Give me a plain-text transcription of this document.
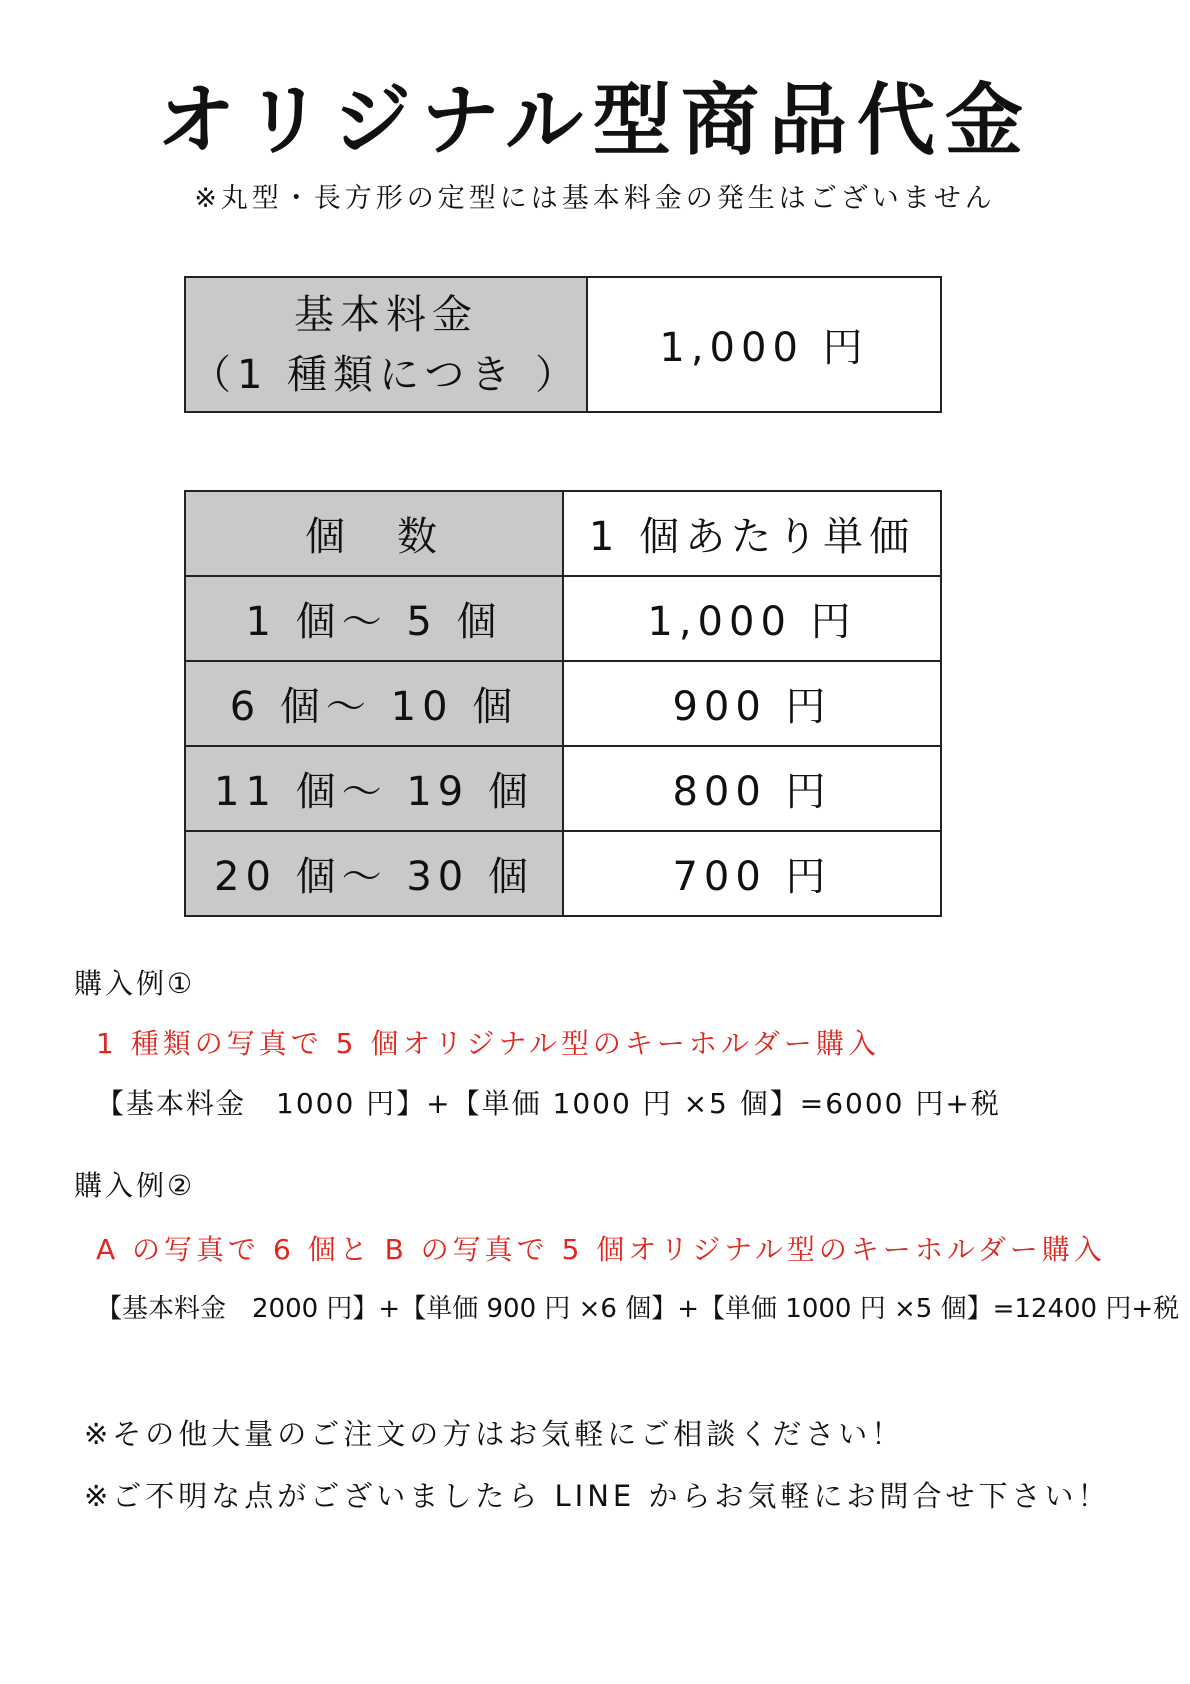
オリジナル型商品代金
※丸型・長方形の定型には基本料金の発生はございません
基本料金
（1 種類につき ）
	1,000 円
個　数	1 個あたり単価
1 個〜 5 個	1,000 円
6 個〜 10 個	900 円
11 個〜 19 個	800 円
20 個〜 30 個	700 円
購入例①
1 種類の写真で 5 個オリジナル型のキーホルダー購入
【基本料金　1000 円】+【単価 1000 円 ×5 個】=6000 円+税
購入例②
A の写真で 6 個と B の写真で 5 個オリジナル型のキーホルダー購入
【基本料金　2000 円】+【単価 900 円 ×6 個】+【単価 1000 円 ×5 個】=12400 円+税
※その他大量のご注文の方はお気軽にご相談ください！
※ご不明な点がございましたら LINE からお気軽にお問合せ下さい！
